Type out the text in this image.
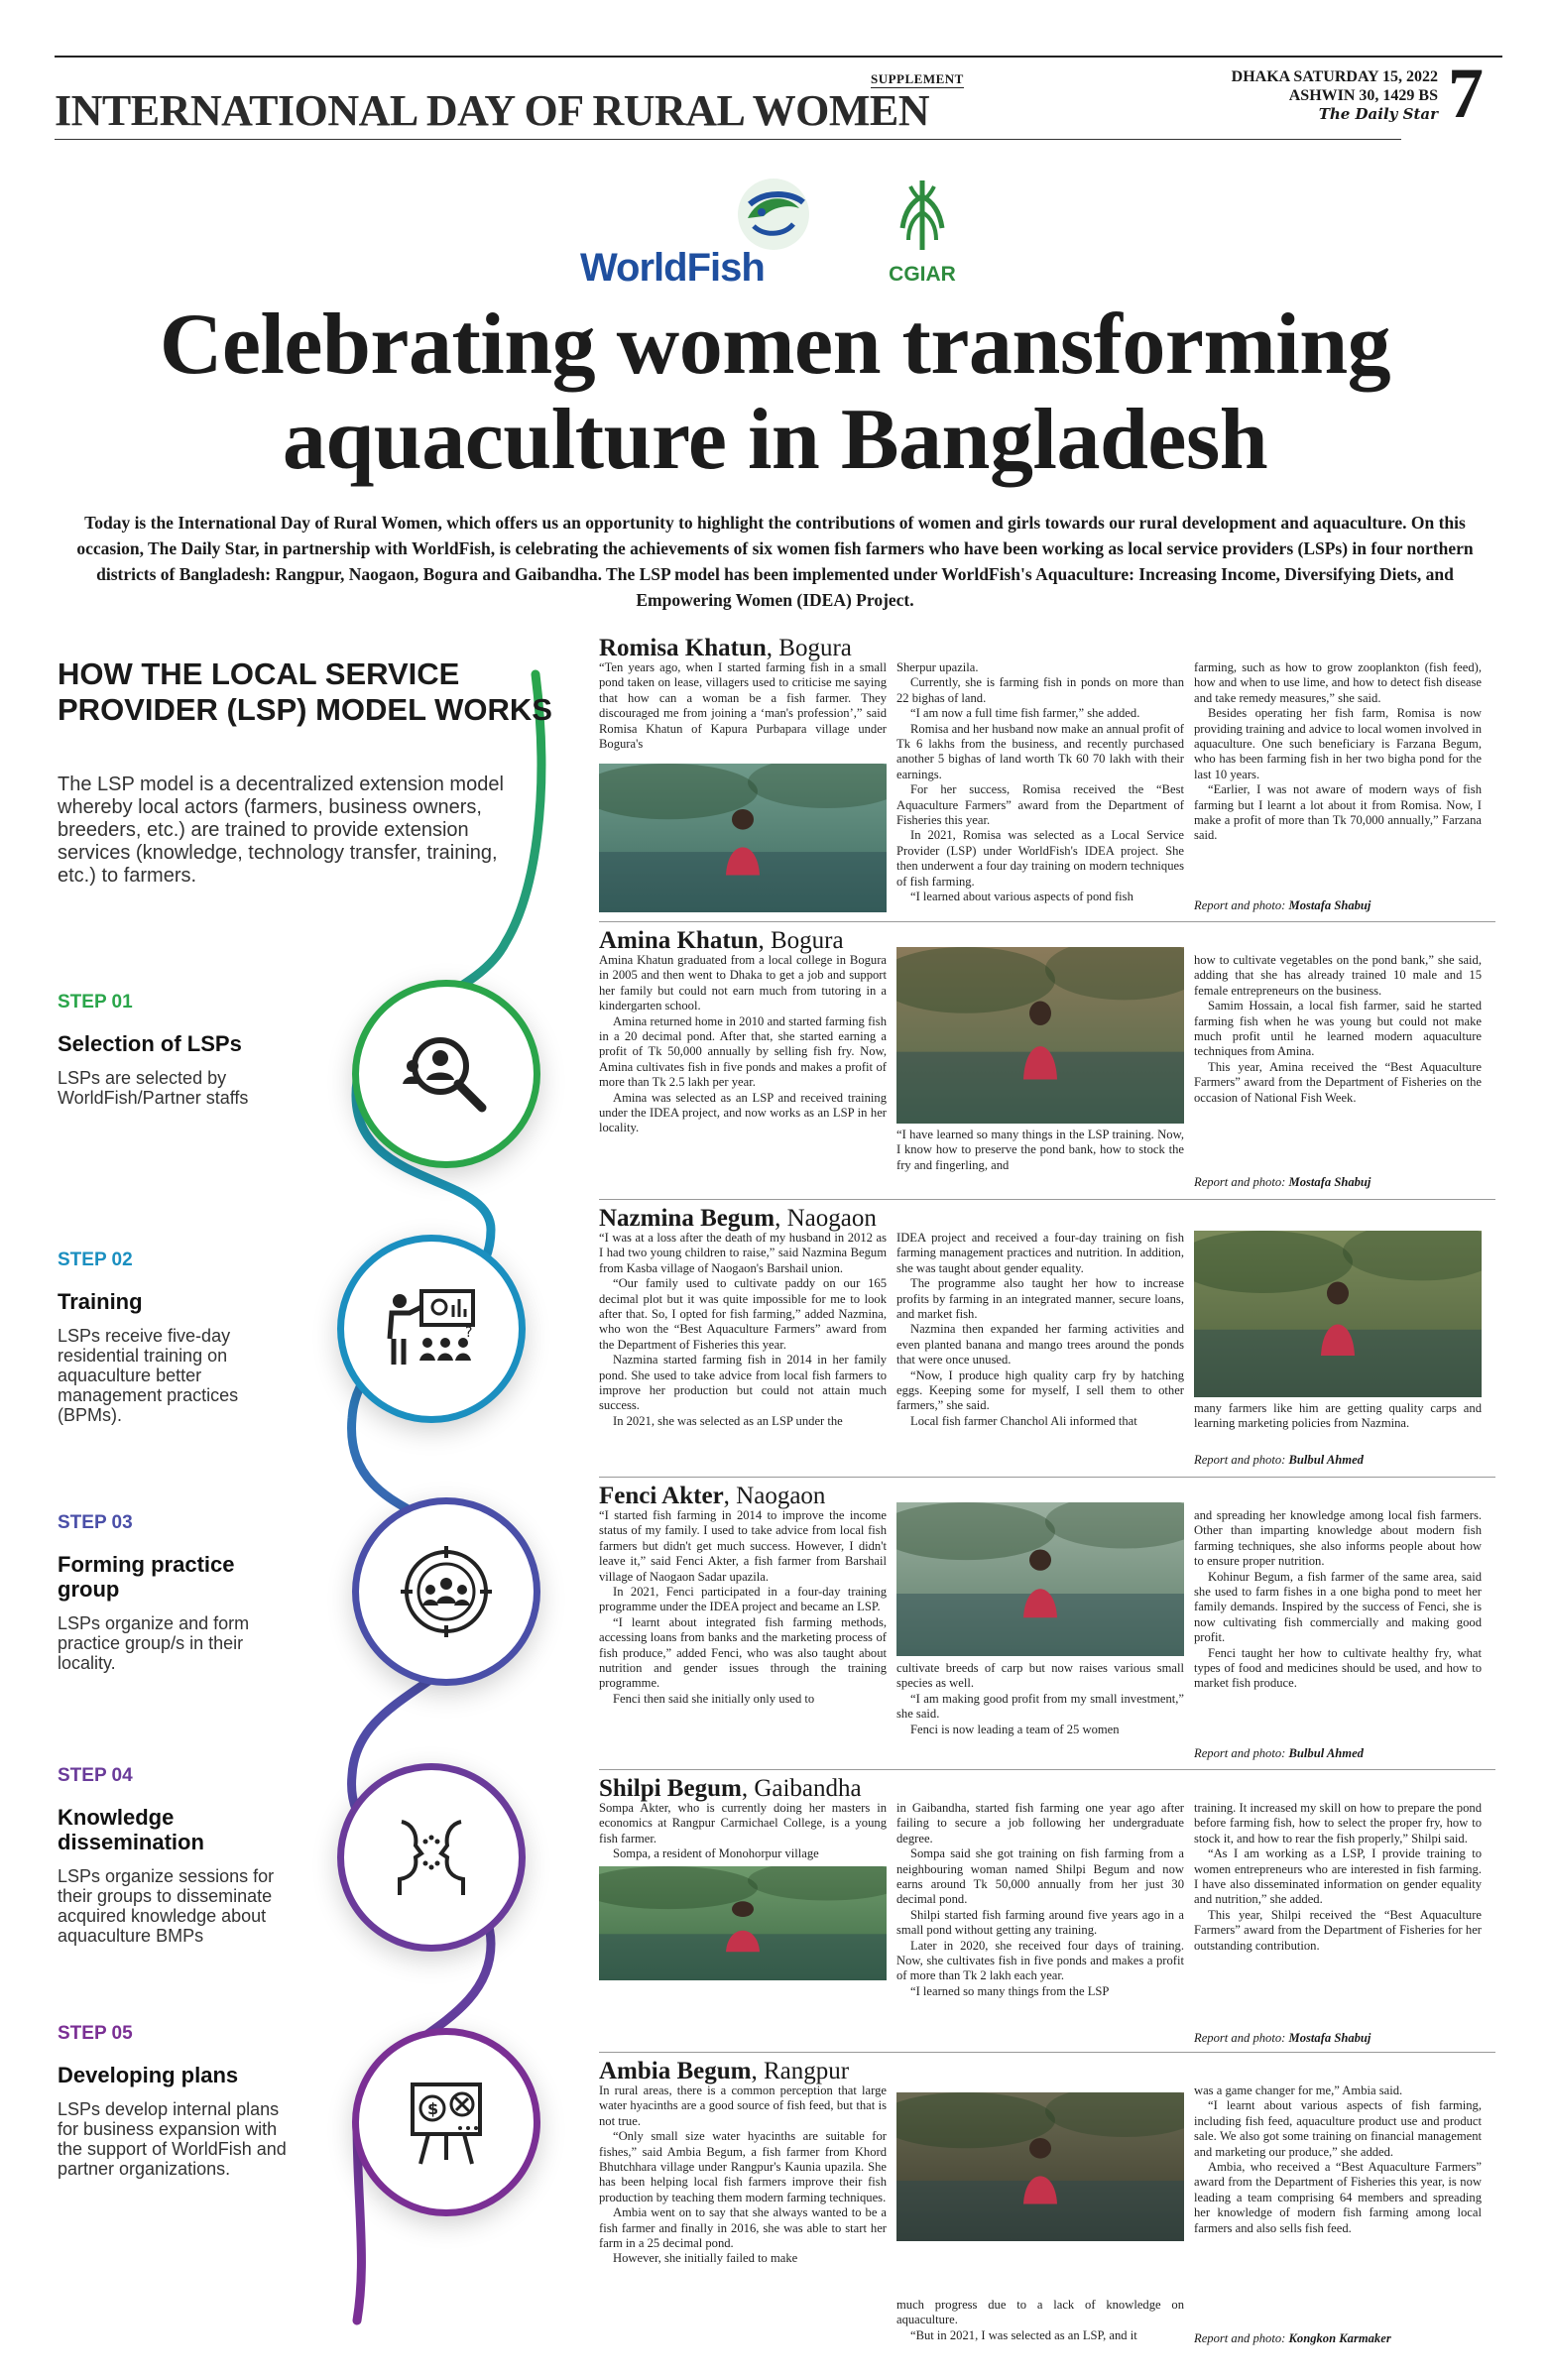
SUPPLEMENT
INTERNATIONAL DAY OF RURAL WOMEN
DHAKA SATURDAY 15, 2022
ASHWIN 30, 1429 BS
The Daily Star 7
WorldFish	CGIAR
Celebrating women transforming
aquaculture in Bangladesh
Today is the International Day of Rural Women, which offers us an opportunity to highlight the contributions of women and girls towards our rural development and aquaculture. On this occasion, The Daily Star, in partnership with WorldFish, is celebrating the achievements of six women fish farmers who have been working as local service providers (LSPs) in four northern districts of Bangladesh: Rangpur, Naogaon, Bogura and Gaibandha. The LSP model has been implemented under WorldFish's Aquaculture: Increasing Income, Diversifying Diets, and Empowering Women (IDEA) Project.
HOW THE LOCAL SERVICE PROVIDER (LSP) MODEL WORKS
The LSP model is a decentralized extension model whereby local actors (farmers, business owners, breeders, etc.) are trained to provide extension services (knowledge, technology transfer, training, etc.) to farmers.
STEP 01
Selection of LSPs
LSPs are selected by WorldFish/Partner staffs
STEP 02
Training
LSPs receive five-day residential training on aquaculture better management practices (BPMs).
?
STEP 03
Forming practice group
LSPs organize and form practice group/s in their locality.
STEP 04
Knowledge dissemination
LSPs organize sessions for their groups to disseminate acquired knowledge about aquaculture BMPs
STEP 05
Developing plans
LSPs develop internal plans for business expansion with the support of WorldFish and partner organizations.
$
Romisa Khatun, Bogura

“Ten years ago, when I started farming fish in a small pond taken on lease, villagers used to criticise me saying that how can a woman be a fish farmer. They discouraged me from joining a ‘man's profession’,” said Romisa Khatun of Kapura Purbapara village under Bogura's

Sherpur upazila.

Currently, she is farming fish in ponds on more than 22 bighas of land.

“I am now a full time fish farmer,” she added.

Romisa and her husband now make an annual profit of Tk 6 lakhs from the business, and recently purchased another 5 bighas of land worth Tk 60 70 lakh with their earnings.

For her success, Romisa received the “Best Aquaculture Farmers” award from the Department of Fisheries this year.

In 2021, Romisa was selected as a Local Service Provider (LSP) under WorldFish's IDEA project. She then underwent a four day training on modern techniques of fish farming.

“I learned about various aspects of pond fish

farming, such as how to grow zooplankton (fish feed), how and when to use lime, and how to detect fish disease and take remedy measures,” she said.

Besides operating her fish farm, Romisa is now providing training and advice to local women involved in aquaculture. One such beneficiary is Farzana Begum, who has been farming fish in her two bigha pond for the last 10 years.

“Earlier, I was not aware of modern ways of fish farming but I learnt a lot about it from Romisa. Now, I make a profit of more than Tk 70,000 annually,” Farzana said.

Report and photo: Mostafa Shabuj
Amina Khatun, Bogura

Amina Khatun graduated from a local college in Bogura in 2005 and then went to Dhaka to get a job and support her family but could not earn much from tutoring in a kindergarten school.

Amina returned home in 2010 and started farming fish in a 20 decimal pond. After that, she started earning a profit of Tk 50,000 annually by selling fish fry. Now, Amina cultivates fish in five ponds and makes a profit of more than Tk 2.5 lakh per year.

Amina was selected as an LSP and received training under the IDEA project, and now works as an LSP in her locality.	“I have learned so many things in the LSP training. Now, I know how to preserve the pond bank, how to stock the fry and fingerling, and

how to cultivate vegetables on the pond bank,” she said, adding that she has already trained 10 male and 15 female entrepreneurs on the business.

Samim Hossain, a local fish farmer, said he started farming fish when he was young but could not make much profit until he learned modern aquaculture techniques from Amina.

This year, Amina received the “Best Aquaculture Farmers” award from the Department of Fisheries on the occasion of National Fish Week.

Report and photo: Mostafa Shabuj
Nazmina Begum, Naogaon

“I was at a loss after the death of my husband in 2012 as I had two young children to raise,” said Nazmina Begum from Kasba village of Naogaon's Barshail union.

“Our family used to cultivate paddy on our 165 decimal plot but it was quite impossible for me to look after that. So, I opted for fish farming,” added Nazmina, who won the “Best Aquaculture Farmers” award from the Department of Fisheries this year.

Nazmina started farming fish in 2014 in her family pond. She used to take advice from local fish farmers to improve her production but could not attain much success.

In 2021, she was selected as an LSP under the

IDEA project and received a four-day training on fish farming management practices and nutrition. In addition, she was taught about gender equality.

The programme also taught her how to increase profits by farming in an integrated manner, secure loans, and market fish.

Nazmina then expanded her farming activities and even planted banana and mango trees around the ponds that were once unused.

“Now, I produce high quality carp fry by hatching eggs. Keeping some for myself, I sell them to other farmers,” she said.

Local fish farmer Chanchol Ali informed that

many farmers like him are getting quality carps and learning marketing policies from Nazmina.

Report and photo: Bulbul Ahmed
Fenci Akter, Naogaon

“I started fish farming in 2014 to improve the income status of my family. I used to take advice from local fish farmers but didn't get much success. However, I didn't leave it,” said Fenci Akter, a fish farmer from Barshail village of Naogaon Sadar upazila.

In 2021, Fenci participated in a four-day training programme under the IDEA project and became an LSP.

“I learnt about integrated fish farming methods, accessing loans from banks and the marketing process of fish produce,” added Fenci, who was also taught about nutrition and gender issues through the training programme.

Fenci then said she initially only used to

cultivate breeds of carp but now raises various small species as well.

“I am making good profit from my small investment,” she said.

Fenci is now leading a team of 25 women

and spreading her knowledge among local fish farmers. Other than imparting knowledge about modern fish farming techniques, she also informs people about how to ensure proper nutrition.

Kohinur Begum, a fish farmer of the same area, said she used to farm fishes in a one bigha pond to meet her family demands. Inspired by the success of Fenci, she is now cultivating fish commercially and making good profit.

Fenci taught her how to cultivate healthy fry, what types of food and medicines should be used, and how to market fish produce.

Report and photo: Bulbul Ahmed
Shilpi Begum, Gaibandha

Sompa Akter, who is currently doing her masters in economics at Rangpur Carmichael College, is a young fish farmer.

Sompa, a resident of Monohorpur village

in Gaibandha, started fish farming one year ago after failing to secure a job following her undergraduate degree.

Sompa said she got training on fish farming from a neighbouring woman named Shilpi Begum and now earns around Tk 50,000 annually from her just 30 decimal pond.

Shilpi started fish farming around five years ago in a small pond without getting any training.

Later in 2020, she received four days of training. Now, she cultivates fish in five ponds and makes a profit of more than Tk 2 lakh each year.

“I learned so many things from the LSP

training. It increased my skill on how to prepare the pond before farming fish, how to select the proper fry, how to stock it, and how to rear the fish properly,” Shilpi said.

“As I am working as a LSP, I provide training to women entrepreneurs who are interested in fish farming. I have also disseminated information on gender equality and nutrition,” she added.

This year, Shilpi received the “Best Aquaculture Farmers” award from the Department of Fisheries for her outstanding contribution.

Report and photo: Mostafa Shabuj
Ambia Begum, Rangpur

In rural areas, there is a common perception that large water hyacinths are a good source of fish feed, but that is not true.

“Only small size water hyacinths are suitable for fishes,” said Ambia Begum, a fish farmer from Khord Bhutchhara village under Rangpur's Kaunia upazila. She has been helping local fish farmers improve their fish production by teaching them modern farming techniques.

Ambia went on to say that she always wanted to be a fish farmer and finally in 2016, she was able to start her farm in a 25 decimal pond.

However, she initially failed to make

much progress due to a lack of knowledge on aquaculture.

“But in 2021, I was selected as an LSP, and it

was a game changer for me,” Ambia said.

“I learnt about various aspects of fish farming, including fish feed, aquaculture product use and product sale. We also got some training on financial management and marketing our produce,” she added.

Ambia, who received a “Best Aquaculture Farmers” award from the Department of Fisheries this year, is now leading a team comprising 64 members and spreading her knowledge of modern fish farming among local farmers and also sells fish feed.

Report and photo: Kongkon Karmaker
